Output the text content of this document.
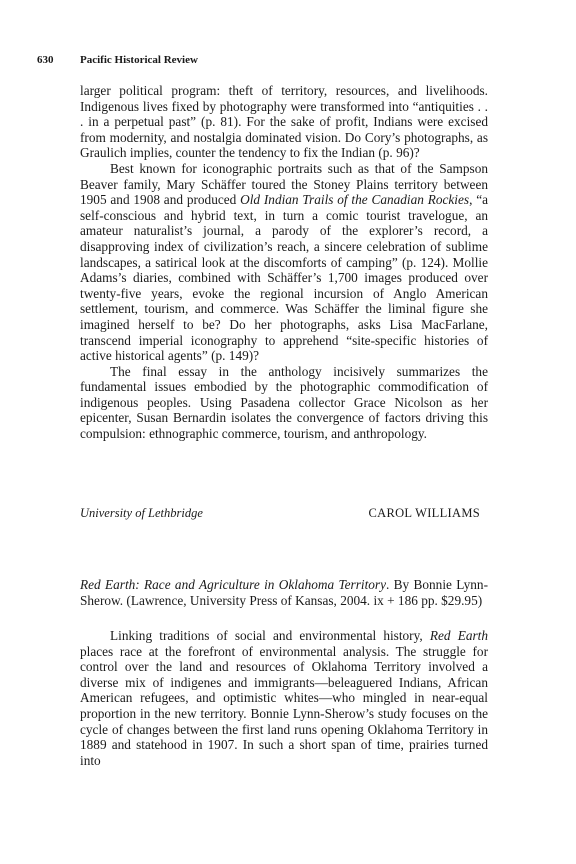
630 Pacific Historical Review

larger political program: theft of territory, resources, and livelihoods. Indigenous lives fixed by photography were transformed into “antiquities . . . in a perpetual past” (p. 81). For the sake of profit, Indians were excised from modernity, and nostalgia dominated vision. Do Cory’s photographs, as Graulich implies, counter the tendency to fix the Indian (p. 96)?

Best known for iconographic portraits such as that of the Sampson Beaver family, Mary Schäffer toured the Stoney Plains territory between 1905 and 1908 and produced Old Indian Trails of the Canadian Rockies, “a self-conscious and hybrid text, in turn a comic tourist travelogue, an amateur naturalist’s journal, a parody of the explorer’s record, a disapproving index of civilization’s reach, a sincere celebration of sublime landscapes, a satirical look at the discomforts of camping” (p. 124). Mollie Adams’s diaries, combined with Schäffer’s 1,700 images produced over twenty-five years, evoke the regional incursion of Anglo American settlement, tourism, and commerce. Was Schäffer the liminal figure she imagined herself to be? Do her photographs, asks Lisa MacFarlane, transcend imperial iconography to apprehend “site-specific histories of active historical agents” (p. 149)?

The final essay in the anthology incisively summarizes the fundamental issues embodied by the photographic commodification of indigenous peoples. Using Pasadena collector Grace Nicolson as her epicenter, Susan Bernardin isolates the convergence of factors driving this compulsion: ethnographic commerce, tourism, and anthropology.

University of Lethbridge	CAROL WILLIAMS

Red Earth: Race and Agriculture in Oklahoma Territory. By Bonnie Lynn-Sherow. (Lawrence, University Press of Kansas, 2004. ix + 186 pp. $29.95)

Linking traditions of social and environmental history, Red Earth places race at the forefront of environmental analysis. The struggle for control over the land and resources of Oklahoma Territory involved a diverse mix of indigenes and immigrants—beleaguered Indians, African American refugees, and optimistic whites—who mingled in near-equal proportion in the new territory. Bonnie Lynn-Sherow’s study focuses on the cycle of changes between the first land runs opening Oklahoma Territory in 1889 and statehood in 1907. In such a short span of time, prairies turned into
